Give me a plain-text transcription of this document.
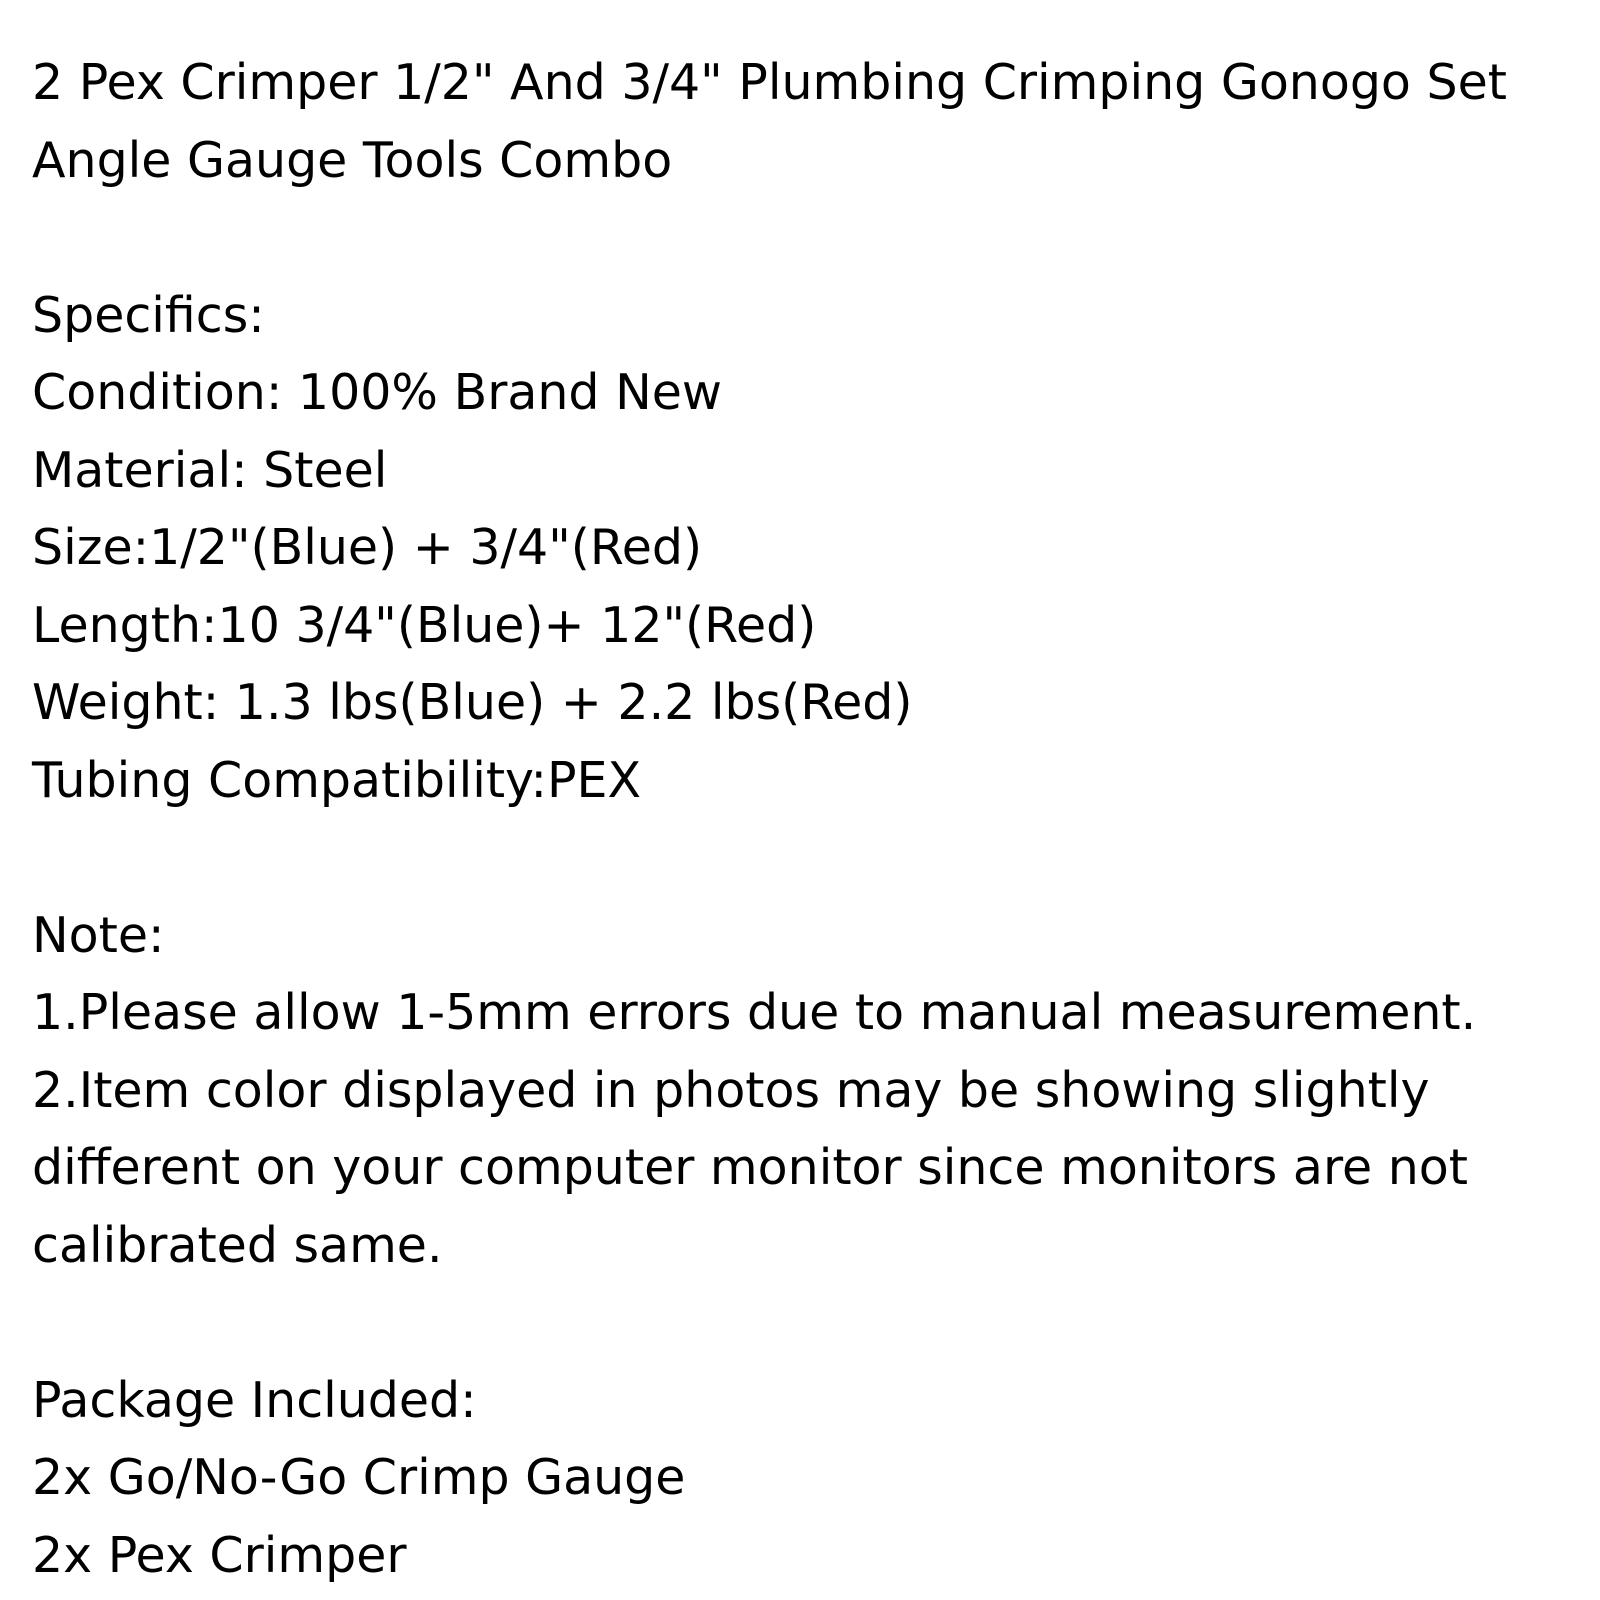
2 Pex Crimper 1/2" And 3/4" Plumbing Crimping Gonogo Set
Angle Gauge Tools Combo
Specifics:
Condition: 100% Brand New
Material: Steel
Size:1/2"(Blue) + 3/4"(Red)
Length:10 3/4"(Blue)+ 12"(Red)
Weight: 1.3 lbs(Blue) + 2.2 lbs(Red)
Tubing Compatibility:PEX
Note:
1.Please allow 1-5mm errors due to manual measurement.
2.Item color displayed in photos may be showing slightly
different on your computer monitor since monitors are not
calibrated same.
Package Included:
2x Go/No-Go Crimp Gauge
2x Pex Crimper
